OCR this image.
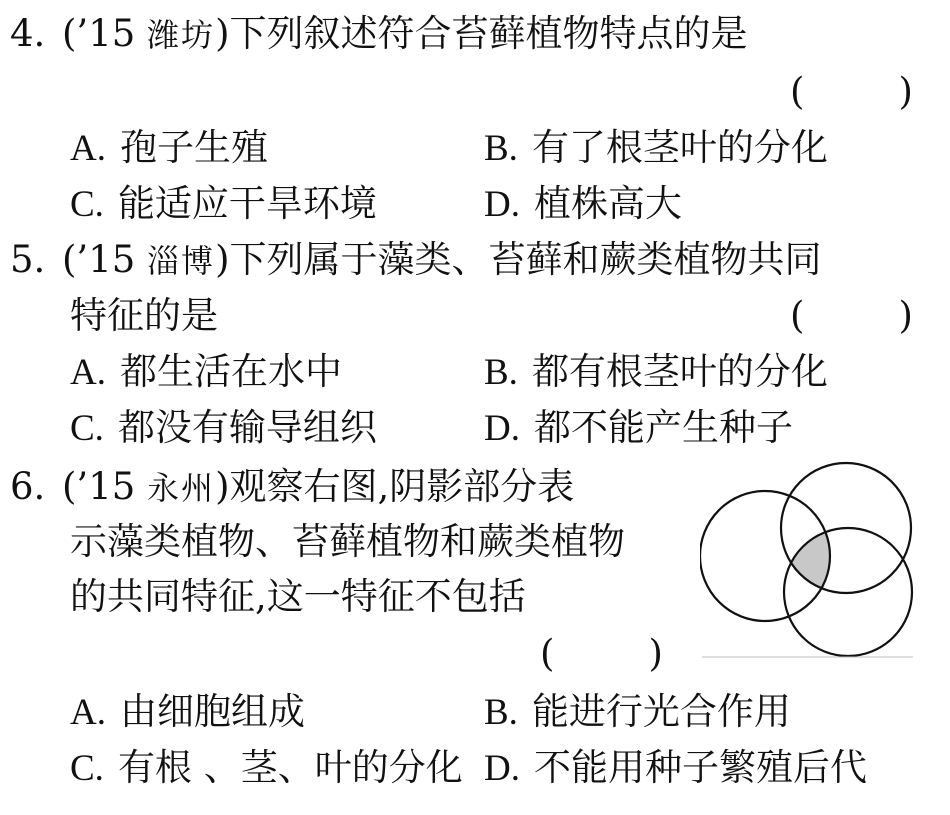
4. (’15 潍坊)下列叙述符合苔藓植物特点的是
(        )
A. 孢子生殖	B. 有了根茎叶的分化
C. 能适应干旱环境	D. 植株高大
5. (’15 淄博)下列属于藻类、苔藓和蕨类植物共同
特征的是	(        )
A. 都生活在水中	B. 都有根茎叶的分化
C. 都没有输导组织	D. 都不能产生种子
6. (’15 永州)观察右图,阴影部分表
示藻类植物、苔藓植物和蕨类植物
的共同特征,这一特征不包括
(        )
A. 由细胞组成	B. 能进行光合作用
C. 有根 、茎、叶的分化 D. 不能用种子繁殖后代
